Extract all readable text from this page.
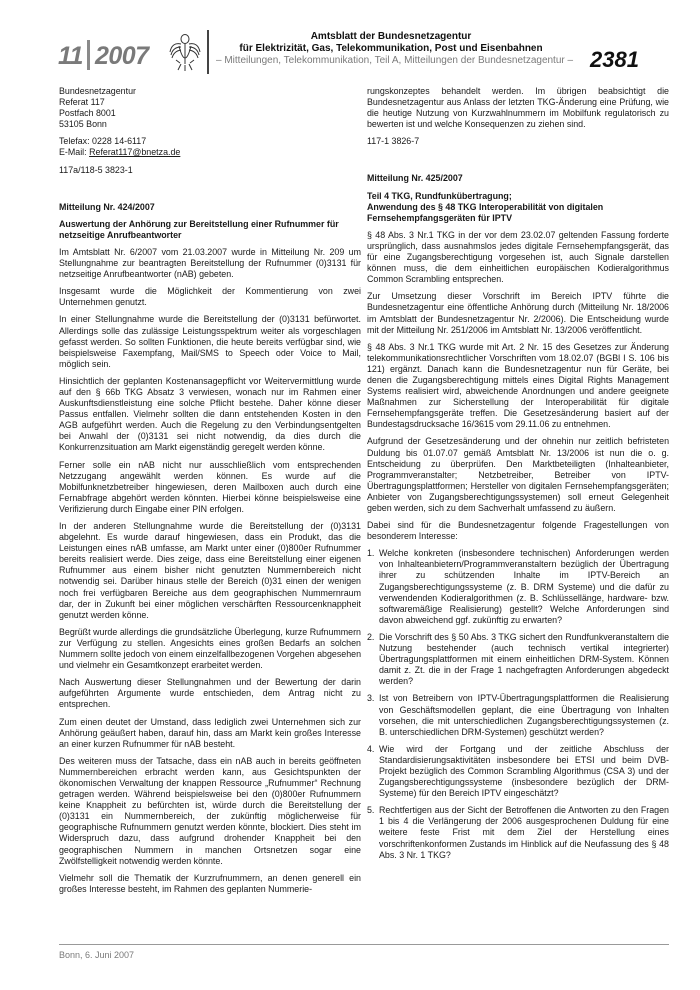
11 2007
Amtsblatt der Bundesnetzagentur
für Elektrizität, Gas, Telekommunikation, Post und Eisenbahnen
– Mitteilungen, Telekommunikation, Teil A, Mitteilungen der Bundesnetzagentur – 2381

Bundesnetzagentur

Referat 117

Postfach 8001

53105 Bonn

Telefax: 0228 14-6117

E-Mail: Referat117@bnetza.de

117a/118-5 3823-1

Mitteilung Nr. 424/2007

Auswertung der Anhörung zur Bereitstellung einer Rufnummer für netzseitige Anrufbeantworter

Im Amtsblatt Nr. 6/2007 vom 21.03.2007 wurde in Mitteilung Nr. 209 um Stellungnahme zur beantragten Bereitstellung der Rufnummer (0)3131 für netzseitige Anrufbeantworter (nAB) gebeten.

Insgesamt wurde die Möglichkeit der Kommentierung von zwei Unternehmen genutzt.

In einer Stellungnahme wurde die Bereitstellung der (0)3131 befürwortet. Allerdings solle das zulässige Leistungsspektrum weiter als vorgeschlagen gefasst werden. So sollten Funktionen, die heute bereits verfügbar sind, wie beispielsweise Faxempfang, Mail/SMS to Speech oder Voice to Mail, möglich sein.

Hinsichtlich der geplanten Kostenansagepflicht vor Weitervermittlung wurde auf den § 66b TKG Absatz 3 verwiesen, wonach nur im Rahmen einer Auskunftsdienstleistung eine solche Pflicht bestehe. Daher könne dieser Passus entfallen. Vielmehr sollten die dann entstehenden Kosten in den AGB aufgeführt werden. Auch die Regelung zu den Verbindungsentgelten bei Anwahl der (0)3131 sei nicht notwendig, da dies durch die Konkurrenzsituation am Markt eigenständig geregelt werden könne.

Ferner solle ein nAB nicht nur ausschließlich vom entsprechenden Netzzugang angewählt werden können. Es wurde auf die Mobilfunknetzbetreiber hingewiesen, deren Mailboxen auch durch eine Fernabfrage abgehört werden könnten. Hierbei könne beispielsweise eine Verifizierung durch Eingabe einer PIN erfolgen.

In der anderen Stellungnahme wurde die Bereitstellung der (0)3131 abgelehnt. Es wurde darauf hingewiesen, dass ein Produkt, das die Leistungen eines nAB umfasse, am Markt unter einer (0)800er Rufnummer bereits realisiert werde. Dies zeige, dass eine Bereitstellung einer eigenen Rufnummer aus einem bisher nicht genutzten Nummernbereich nicht notwendig sei. Darüber hinaus stelle der Bereich (0)31 einen der wenigen noch frei verfügbaren Bereiche aus dem geographischen Nummernraum dar, der in Zukunft bei einer möglichen verschärften Ressourcenknappheit genutzt werden könne.

Begrüßt wurde allerdings die grundsätzliche Überlegung, kurze Rufnummern zur Verfügung zu stellen. Angesichts eines großen Bedarfs an solchen Nummern sollte jedoch von einem einzelfallbezogenen Vorgehen abgesehen und vielmehr ein Gesamtkonzept erarbeitet werden.

Nach Auswertung dieser Stellungnahmen und der Bewertung der darin aufgeführten Argumente wurde entschieden, dem Antrag nicht zu entsprechen.

Zum einen deutet der Umstand, dass lediglich zwei Unternehmen sich zur Anhörung geäußert haben, darauf hin, dass am Markt kein großes Interesse an einer kurzen Rufnummer für nAB besteht.

Des weiteren muss der Tatsache, dass ein nAB auch in bereits geöffneten Nummernbereichen erbracht werden kann, aus Gesichtspunkten der ökonomischen Verwaltung der knappen Ressource „Rufnummer“ Rechnung getragen werden. Während beispielsweise bei den (0)800er Rufnummern keine Knappheit zu befürchten ist, würde durch die Bereitstellung der (0)3131 ein Nummernbereich, der zukünftig möglicherweise für geographische Rufnummern genutzt werden könnte, blockiert. Dies steht im Widerspruch dazu, dass aufgrund drohender Knappheit bei den geographischen Nummern in manchen Ortsnetzen sogar eine Zwölfstelligkeit notwendig werden könnte.

Vielmehr soll die Thematik der Kurzrufnummern, an denen generell ein großes Interesse besteht, im Rahmen des geplanten Nummerie-

rungskonzeptes behandelt werden. Im übrigen beabsichtigt die Bundesnetzagentur aus Anlass der letzten TKG-Änderung eine Prüfung, wie die heutige Nutzung von Kurzwahlnummern im Mobilfunk regulatorisch zu bewerten ist und welche Konsequenzen zu ziehen sind.

117-1 3826-7

Mitteilung Nr. 425/2007

Teil 4 TKG, Rundfunkübertragung;

Anwendung des § 48 TKG Interoperabilität von digitalen Fernsehempfangsgeräten für IPTV

§ 48 Abs. 3 Nr.1 TKG in der vor dem 23.02.07 geltenden Fassung forderte ursprünglich, dass ausnahmslos jedes digitale Fernsehempfangsgerät, das für eine Zugangsberechtigung vorgesehen ist, auch Signale darstellen können muss, die dem einheitlichen europäischen Kodieralgorithmus Common Scrambling entsprechen.

Zur Umsetzung dieser Vorschrift im Bereich IPTV führte die Bundesnetzagentur eine öffentliche Anhörung durch (Mitteilung Nr. 18/2006 im Amtsblatt der Bundesnetzagentur Nr. 2/2006). Die Entscheidung wurde mit der Mitteilung Nr. 251/2006 im Amtsblatt Nr. 13/2006 veröffentlicht.

§ 48 Abs. 3 Nr.1 TKG wurde mit Art. 2 Nr. 15 des Gesetzes zur Änderung telekommunikationsrechtlicher Vorschriften vom 18.02.07 (BGBl I S. 106 bis 121) ergänzt. Danach kann die Bundesnetzagentur nun für Geräte, bei denen die Zugangsberechtigung mittels eines Digital Rights Management Systems realisiert wird, abweichende Anordnungen und andere geeignete Maßnahmen zur Sicherstellung der Interoperabilität für digitale Fernsehempfangsgeräte treffen. Die Gesetzesänderung basiert auf der Bundestagsdrucksache 16/3615 vom 29.11.06 zu entnehmen.

Aufgrund der Gesetzesänderung und der ohnehin nur zeitlich befristeten Duldung bis 01.07.07 gemäß Amtsblatt Nr. 13/2006 ist nun die o. g. Entscheidung zu überprüfen. Den Marktbeteiligten (Inhalteanbieter, Programmveranstalter; Netzbetreiber, Betreiber von IPTV-Übertragungsplattformen; Hersteller von digitalen Fernsehempfangsgeräten; Anbieter von Zugangsberechtigungssystemen) soll erneut Gelegenheit geben werden, sich zu dem Sachverhalt umfassend zu äußern.

Dabei sind für die Bundesnetzagentur folgende Fragestellungen von besonderem Interesse:

1. Welche konkreten (insbesondere technischen) Anforderungen werden von Inhalteanbietern/Programmveranstaltern bezüglich der Übertragung ihrer zu schützenden Inhalte im IPTV-Bereich an Zugangsberechtigungssysteme (z. B. DRM Systeme) und die dafür zu verwendenden Kodieralgorithmen (z. B. Schlüssellänge, hardware- bzw. softwaremäßige Realisierung) gestellt? Welche Anforderungen sind davon abweichend ggf. zukünftig zu erwarten?
2. Die Vorschrift des § 50 Abs. 3 TKG sichert den Rundfunkveranstaltern die Nutzung bestehender (auch technisch vertikal integrierter) Übertragungsplattformen mit einem einheitlichen DRM-System. Können damit z. Zt. die in der Frage 1 nachgefragten Anforderungen abgedeckt werden?
3. Ist von Betreibern von IPTV-Übertragungsplattformen die Realisierung von Geschäftsmodellen geplant, die eine Übertragung von Inhalten vorsehen, die mit unterschiedlichen Zugangsberechtigungssystemen (z. B. unterschiedlichen DRM-Systemen) geschützt werden?
4. Wie wird der Fortgang und der zeitliche Abschluss der Standardisierungsaktivitäten insbesondere bei ETSI und beim DVB-Projekt bezüglich des Common Scrambling Algorithmus (CSA 3) und der Zugangsberechtigungssysteme (insbesondere bezüglich der DRM-Systeme) für den Bereich IPTV eingeschätzt?
5. Rechtfertigen aus der Sicht der Betroffenen die Antworten zu den Fragen 1 bis 4 die Verlängerung der 2006 ausgesprochenen Duldung für eine weitere feste Frist mit dem Ziel der Herstellung eines vorschriftenkonformen Zustands im Hinblick auf die Neufassung des § 48 Abs. 3 Nr. 1 TKG?
Bonn, 6. Juni 2007
